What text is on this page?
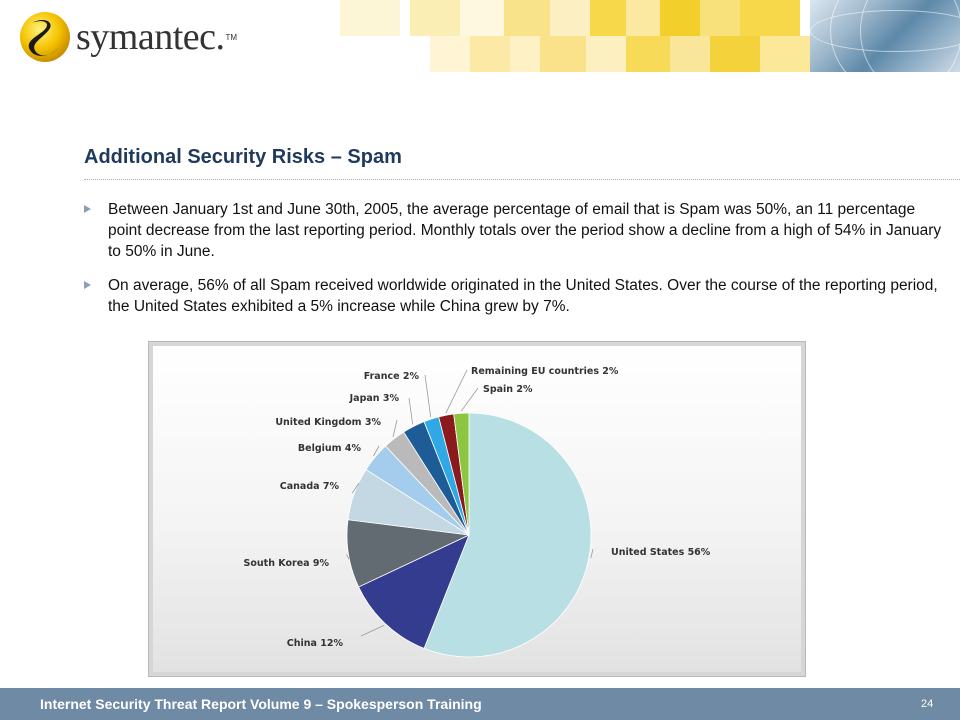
symantec. TM
Additional Security Risks – Spam
Between January 1st and June 30th, 2005, the average percentage of email that is Spam was 50%, an 11 percentage point decrease from the last reporting period. Monthly totals over the period show a decline from a high of 54% in January to 50% in June.
On average, 56% of all Spam received worldwide originated in the United States. Over the course of the reporting period, the United States exhibited a 5% increase while China grew by 7%.
United States 56%
China 12%
South Korea 9%
Canada 7%
Belgium 4%
United Kingdom 3%
Japan 3%
France 2%	Remaining EU countries 2%
Spain 2%
Internet Security Threat Report Volume 9 – Spokesperson Training	24
